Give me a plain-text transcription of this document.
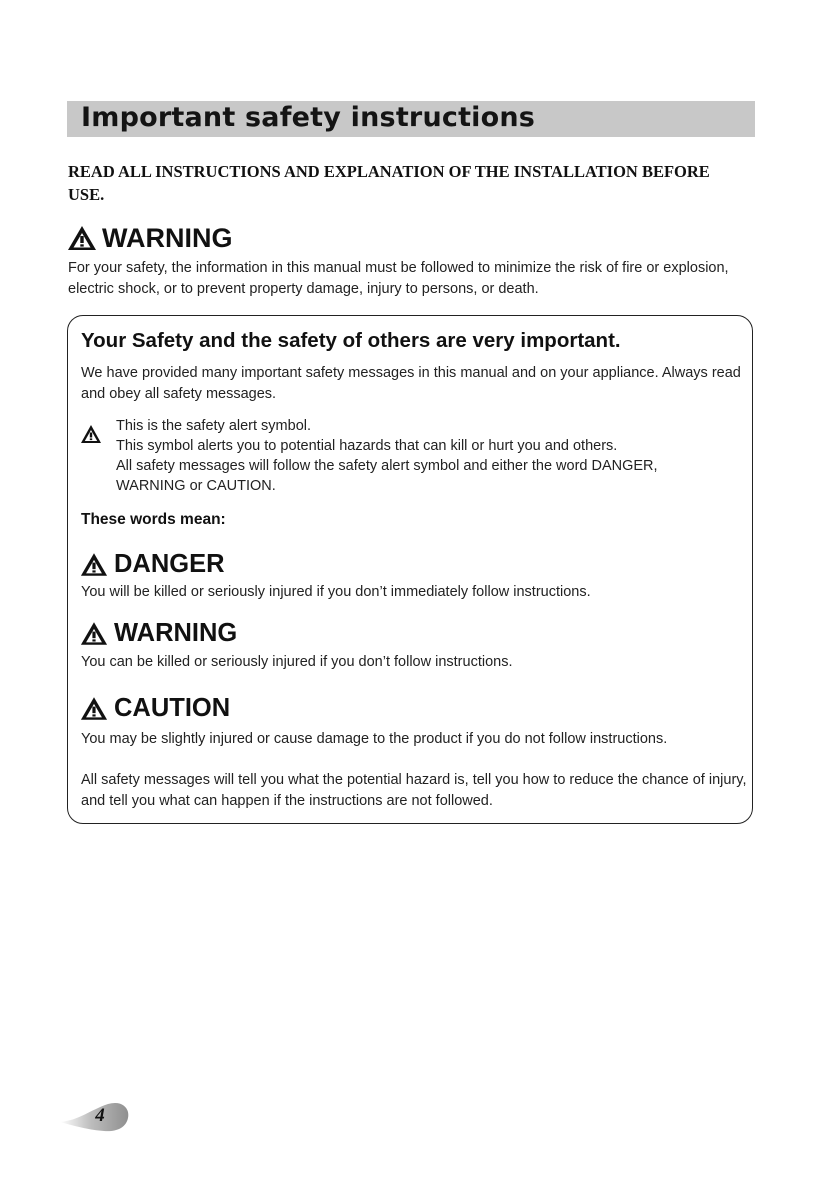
Important safety instructions
READ ALL INSTRUCTIONS AND EXPLANATION OF THE INSTALLATION BEFORE USE.
WARNING
For your safety, the information in this manual must be followed to minimize the risk of fire or explosion, electric shock, or to prevent property damage, injury to persons, or death.
Your Safety and the safety of others are very important.
We have provided many important safety messages in this manual and on your appliance. Always read and obey all safety messages.
This is the safety alert symbol.
This symbol alerts you to potential hazards that can kill or hurt you and others.
All safety messages will follow the safety alert symbol and either the word DANGER,
WARNING or CAUTION.
These words mean:
DANGER
You will be killed or seriously injured if you don’t immediately follow instructions.
WARNING
You can be killed or seriously injured if you don’t follow instructions.
CAUTION
You may be slightly injured or cause damage to the product if you do not follow instructions.
All safety messages will tell you what the potential hazard is, tell you how to reduce the chance of injury, and tell you what can happen if the instructions are not followed.
4
